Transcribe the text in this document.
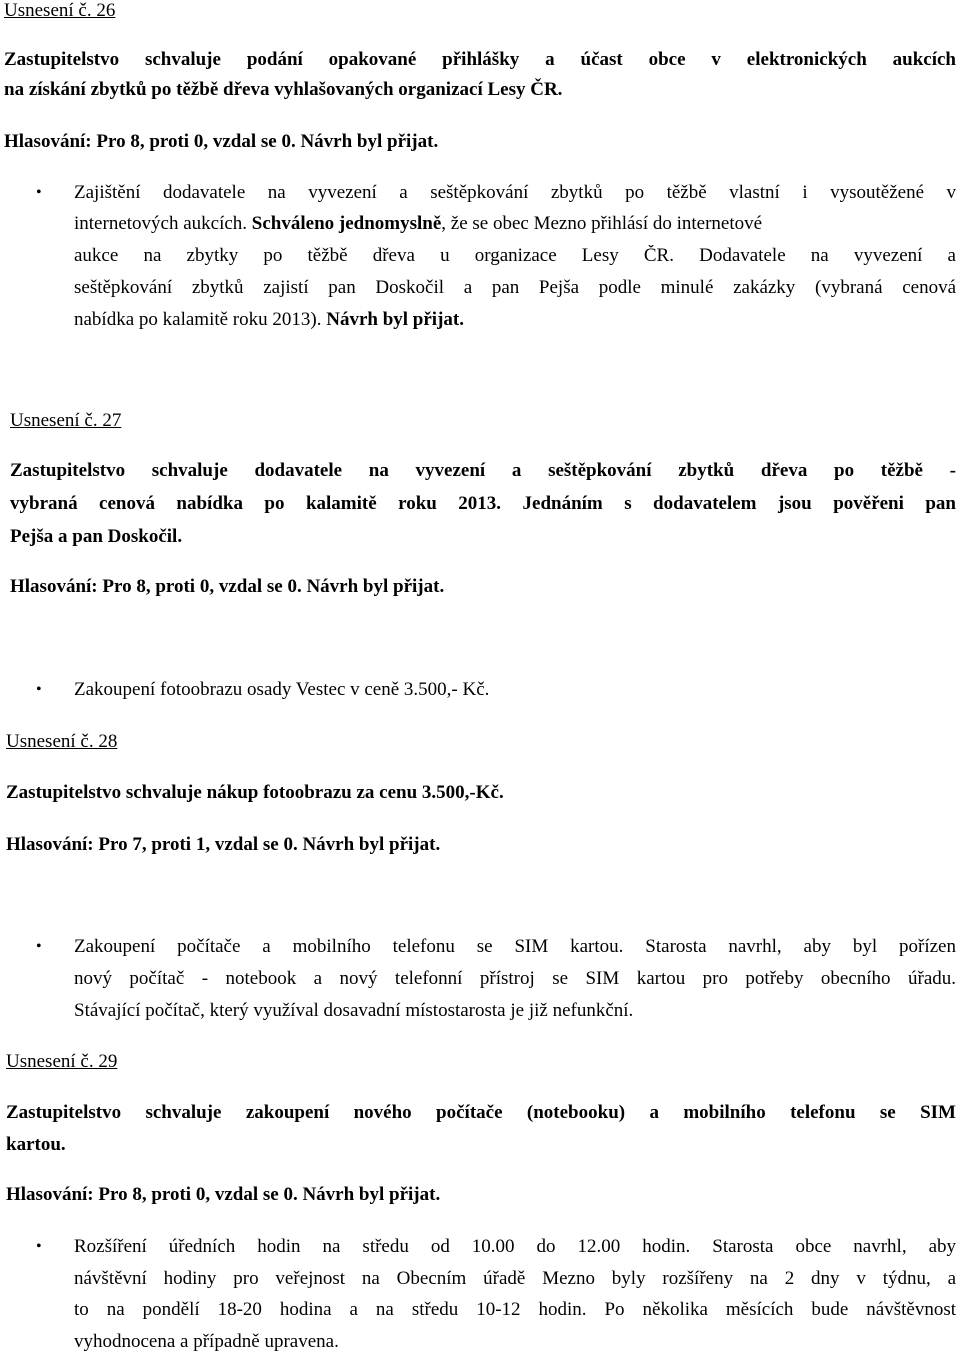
Usnesení č. 26
Zastupitelstvo schvaluje podání opakované přihlášky a účast obce v elektronických aukcích
na získání zbytků po těžbě dřeva vyhlašovaných organizací Lesy ČR.
Hlasování: Pro 8, proti 0, vzdal se 0. Návrh byl přijat.
• Zajištění dodavatele na vyvezení a seštěpkování zbytků po těžbě vlastní i vysoutěžené v
internetových aukcích. Schváleno jednomyslně, že se obec Mezno přihlásí do internetové
aukce na zbytky po těžbě dřeva u organizace Lesy ČR. Dodavatele na vyvezení a
seštěpkování zbytků zajistí pan Doskočil a pan Pejša podle minulé zakázky (vybraná cenová
nabídka po kalamitě roku 2013). Návrh byl přijat.
Usnesení č. 27
Zastupitelstvo schvaluje dodavatele na vyvezení a seštěpkování zbytků dřeva po těžbě -
vybraná cenová nabídka po kalamitě roku 2013. Jednáním s dodavatelem jsou pověřeni pan
Pejša a pan Doskočil.
Hlasování: Pro 8, proti 0, vzdal se 0. Návrh byl přijat.
• Zakoupení fotoobrazu osady Vestec v ceně 3.500,- Kč.
Usnesení č. 28
Zastupitelstvo schvaluje nákup fotoobrazu za cenu 3.500,-Kč.
Hlasování: Pro 7, proti 1, vzdal se 0. Návrh byl přijat.
• Zakoupení počítače a mobilního telefonu se SIM kartou. Starosta navrhl, aby byl pořízen
nový počítač - notebook a nový telefonní přístroj se SIM kartou pro potřeby obecního úřadu.
Stávající počítač, který využíval dosavadní místostarosta je již nefunkční.
Usnesení č. 29
Zastupitelstvo schvaluje zakoupení nového počítače (notebooku) a mobilního telefonu se SIM
kartou.
Hlasování: Pro 8, proti 0, vzdal se 0. Návrh byl přijat.
• Rozšíření úředních hodin na středu od 10.00 do 12.00 hodin. Starosta obce navrhl, aby
návštěvní hodiny pro veřejnost na Obecním úřadě Mezno byly rozšířeny na 2 dny v týdnu, a
to na pondělí 18-20 hodina a na středu 10-12 hodin. Po několika měsících bude návštěvnost
vyhodnocena a případně upravena.
